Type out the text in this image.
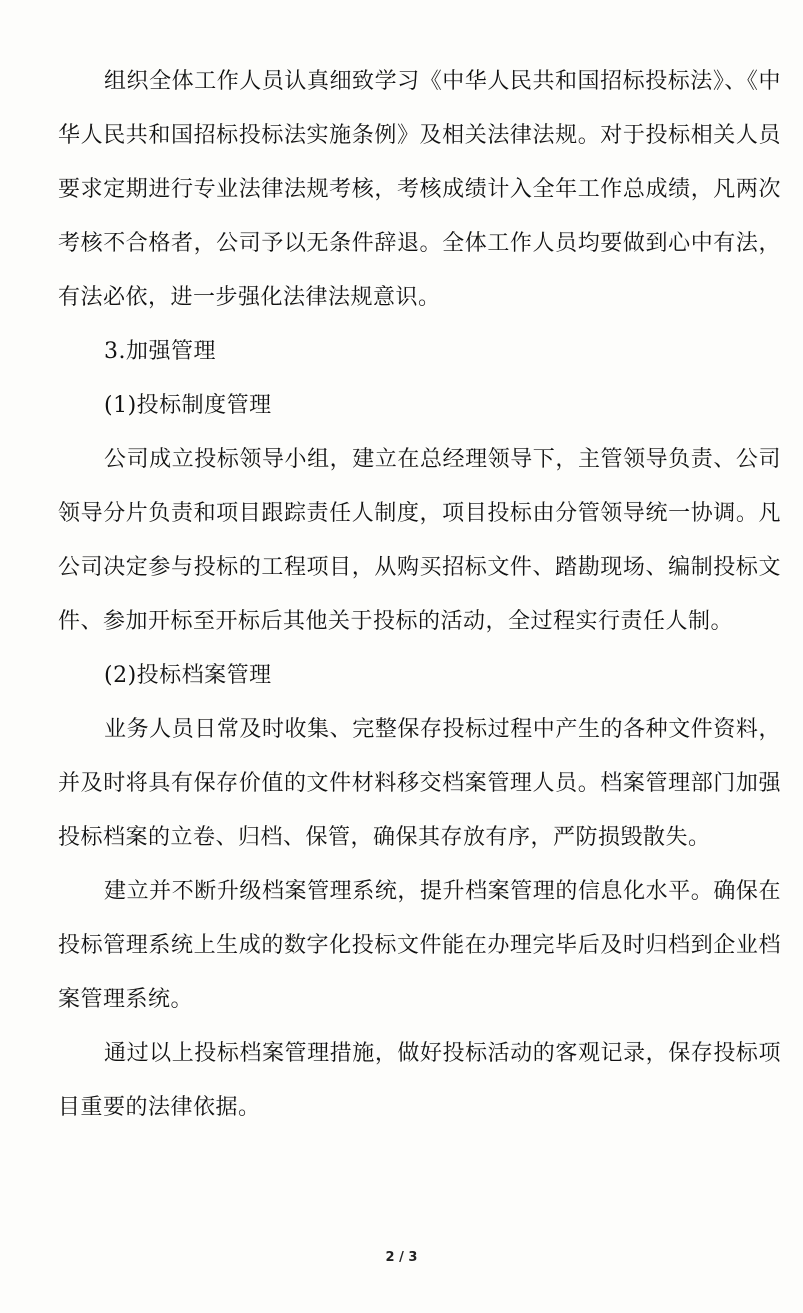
组织全体工作人员认真细致学习《中华人民共和国招标投标法》、《中华人民共和国招标投标法实施条例》及相关法律法规。对于投标相关人员要求定期进行专业法律法规考核，考核成绩计入全年工作总成绩，凡两次考核不合格者，公司予以无条件辞退。全体工作人员均要做到心中有法，有法必依，进一步强化法律法规意识。

3.加强管理

(1)投标制度管理

公司成立投标领导小组，建立在总经理领导下，主管领导负责、公司领导分片负责和项目跟踪责任人制度，项目投标由分管领导统一协调。凡公司决定参与投标的工程项目，从购买招标文件、踏勘现场、编制投标文件、参加开标至开标后其他关于投标的活动，全过程实行责任人制。

(2)投标档案管理

业务人员日常及时收集、完整保存投标过程中产生的各种文件资料，并及时将具有保存价值的文件材料移交档案管理人员。档案管理部门加强投标档案的立卷、归档、保管，确保其存放有序，严防损毁散失。

建立并不断升级档案管理系统，提升档案管理的信息化水平。确保在投标管理系统上生成的数字化投标文件能在办理完毕后及时归档到企业档案管理系统。

通过以上投标档案管理措施，做好投标活动的客观记录，保存投标项目重要的法律依据。

2 / 3
